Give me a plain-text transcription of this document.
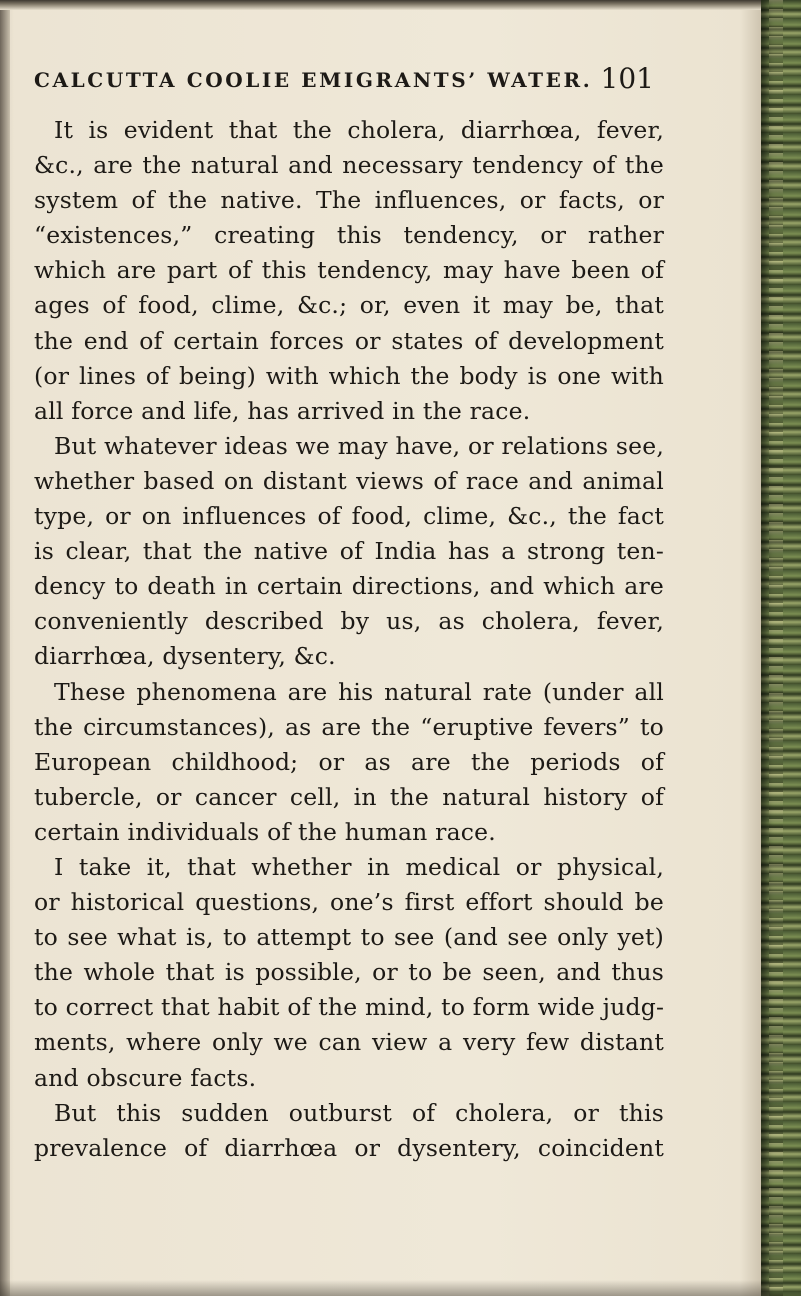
CALCUTTA COOLIE EMIGRANTS’ WATER. 101
It is evident that the cholera, diarrhœa, fever,
&c., are the natural and necessary tendency of the
system of the native. The influences, or facts, or
“existences,” creating this tendency, or rather
which are part of this tendency, may have been of
ages of food, clime, &c.; or, even it may be, that
the end of certain forces or states of development
(or lines of being) with which the body is one with
all force and life, has arrived in the race.
But whatever ideas we may have, or relations see,
whether based on distant views of race and animal
type, or on influences of food, clime, &c., the fact
is clear, that the native of India has a strong ten-
dency to death in certain directions, and which are
conveniently described by us, as cholera, fever,
diarrhœa, dysentery, &c.
These phenomena are his natural rate (under all
the circumstances), as are the “eruptive fevers” to
European childhood; or as are the periods of
tubercle, or cancer cell, in the natural history of
certain individuals of the human race.
I take it, that whether in medical or physical,
or historical questions, one’s first effort should be
to see what is, to attempt to see (and see only yet)
the whole that is possible, or to be seen, and thus
to correct that habit of the mind, to form wide judg-
ments, where only we can view a very few distant
and obscure facts.
But this sudden outburst of cholera, or this
prevalence of diarrhœa or dysentery, coincident
